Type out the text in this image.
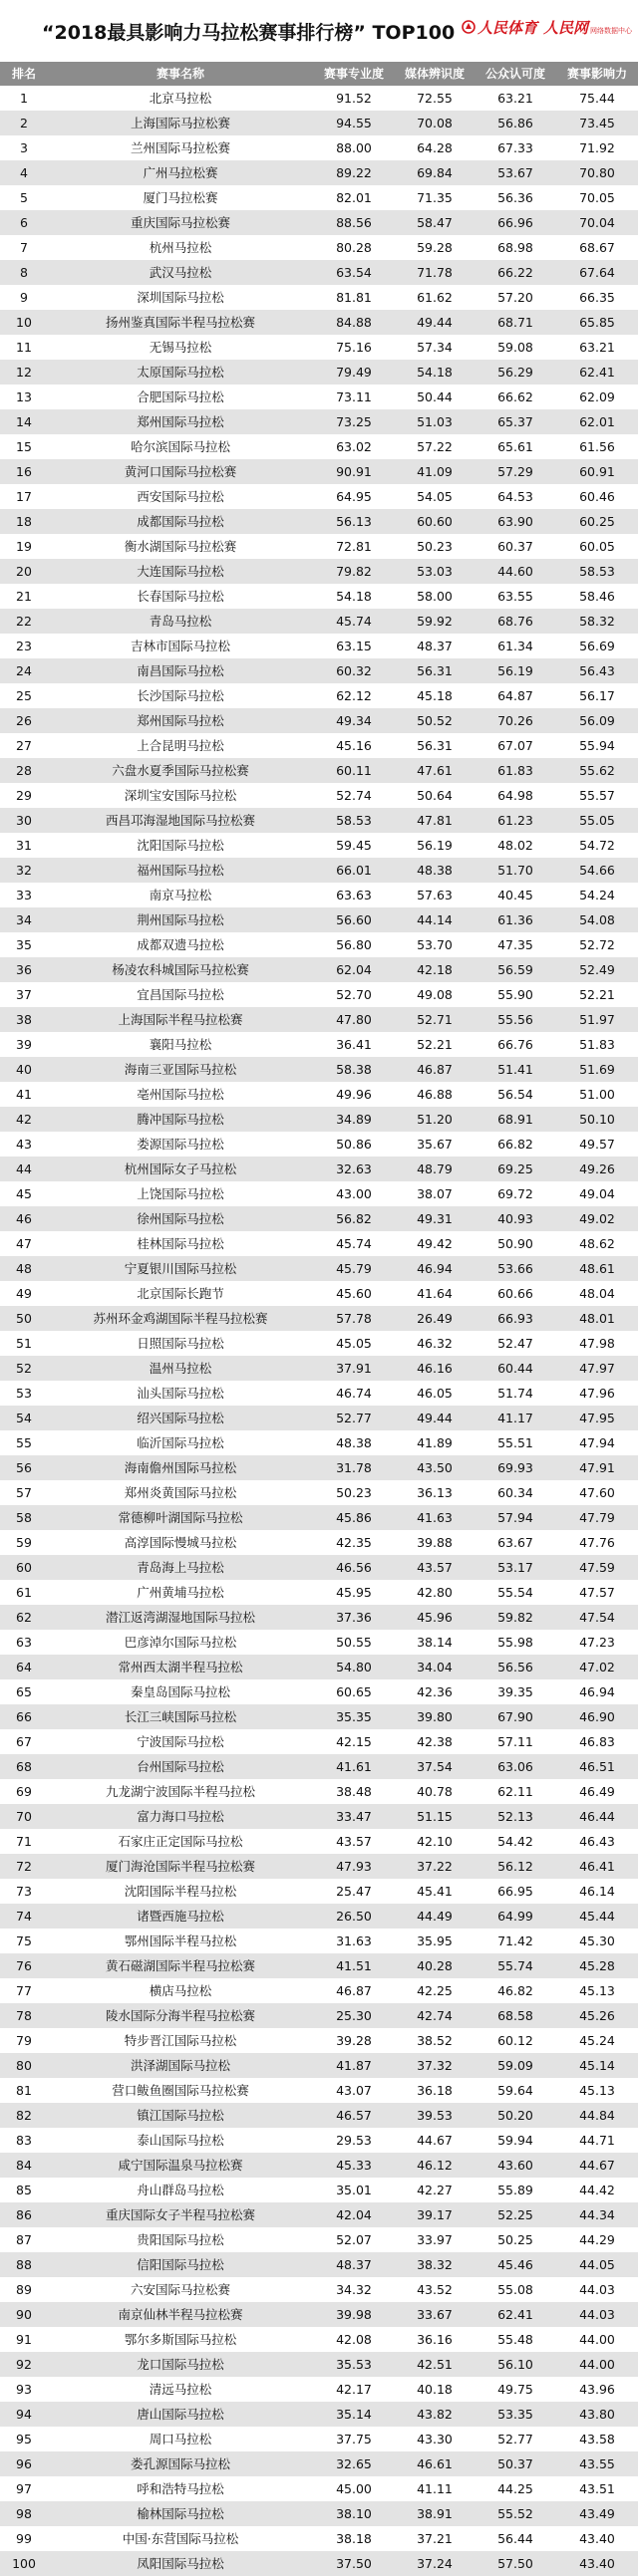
“2018最具影响力马拉松赛事排行榜” TOP100 人民体育 人民网 网络数据中心
排名	赛事名称	赛事专业度	媒体辨识度	公众认可度	赛事影响力
1	北京马拉松	91.52	72.55	63.21	75.44
2	上海国际马拉松赛	94.55	70.08	56.86	73.45
3	兰州国际马拉松赛	88.00	64.28	67.33	71.92
4	广州马拉松赛	89.22	69.84	53.67	70.80
5	厦门马拉松赛	82.01	71.35	56.36	70.05
6	重庆国际马拉松赛	88.56	58.47	66.96	70.04
7	杭州马拉松	80.28	59.28	68.98	68.67
8	武汉马拉松	63.54	71.78	66.22	67.64
9	深圳国际马拉松	81.81	61.62	57.20	66.35
10	扬州鉴真国际半程马拉松赛	84.88	49.44	68.71	65.85
11	无锡马拉松	75.16	57.34	59.08	63.21
12	太原国际马拉松	79.49	54.18	56.29	62.41
13	合肥国际马拉松	73.11	50.44	66.62	62.09
14	郑州国际马拉松	73.25	51.03	65.37	62.01
15	哈尔滨国际马拉松	63.02	57.22	65.61	61.56
16	黄河口国际马拉松赛	90.91	41.09	57.29	60.91
17	西安国际马拉松	64.95	54.05	64.53	60.46
18	成都国际马拉松	56.13	60.60	63.90	60.25
19	衡水湖国际马拉松赛	72.81	50.23	60.37	60.05
20	大连国际马拉松	79.82	53.03	44.60	58.53
21	长春国际马拉松	54.18	58.00	63.55	58.46
22	青岛马拉松	45.74	59.92	68.76	58.32
23	吉林市国际马拉松	63.15	48.37	61.34	56.69
24	南昌国际马拉松	60.32	56.31	56.19	56.43
25	长沙国际马拉松	62.12	45.18	64.87	56.17
26	郑州国际马拉松	49.34	50.52	70.26	56.09
27	上合昆明马拉松	45.16	56.31	67.07	55.94
28	六盘水夏季国际马拉松赛	60.11	47.61	61.83	55.62
29	深圳宝安国际马拉松	52.74	50.64	64.98	55.57
30	西昌邛海湿地国际马拉松赛	58.53	47.81	61.23	55.05
31	沈阳国际马拉松	59.45	56.19	48.02	54.72
32	福州国际马拉松	66.01	48.38	51.70	54.66
33	南京马拉松	63.63	57.63	40.45	54.24
34	荆州国际马拉松	56.60	44.14	61.36	54.08
35	成都双遗马拉松	56.80	53.70	47.35	52.72
36	杨凌农科城国际马拉松赛	62.04	42.18	56.59	52.49
37	宜昌国际马拉松	52.70	49.08	55.90	52.21
38	上海国际半程马拉松赛	47.80	52.71	55.56	51.97
39	襄阳马拉松	36.41	52.21	66.76	51.83
40	海南三亚国际马拉松	58.38	46.87	51.41	51.69
41	亳州国际马拉松	49.96	46.88	56.54	51.00
42	腾冲国际马拉松	34.89	51.20	68.91	50.10
43	娄源国际马拉松	50.86	35.67	66.82	49.57
44	杭州国际女子马拉松	32.63	48.79	69.25	49.26
45	上饶国际马拉松	43.00	38.07	69.72	49.04
46	徐州国际马拉松	56.82	49.31	40.93	49.02
47	桂林国际马拉松	45.74	49.42	50.90	48.62
48	宁夏银川国际马拉松	45.79	46.94	53.66	48.61
49	北京国际长跑节	45.60	41.64	60.66	48.04
50	苏州环金鸡湖国际半程马拉松赛	57.78	26.49	66.93	48.01
51	日照国际马拉松	45.05	46.32	52.47	47.98
52	温州马拉松	37.91	46.16	60.44	47.97
53	汕头国际马拉松	46.74	46.05	51.74	47.96
54	绍兴国际马拉松	52.77	49.44	41.17	47.95
55	临沂国际马拉松	48.38	41.89	55.51	47.94
56	海南儋州国际马拉松	31.78	43.50	69.93	47.91
57	郑州炎黄国际马拉松	50.23	36.13	60.34	47.60
58	常德柳叶湖国际马拉松	45.86	41.63	57.94	47.79
59	高淳国际慢城马拉松	42.35	39.88	63.67	47.76
60	青岛海上马拉松	46.56	43.57	53.17	47.59
61	广州黄埔马拉松	45.95	42.80	55.54	47.57
62	潜江返湾湖湿地国际马拉松	37.36	45.96	59.82	47.54
63	巴彦淖尔国际马拉松	50.55	38.14	55.98	47.23
64	常州西太湖半程马拉松	54.80	34.04	56.56	47.02
65	秦皇岛国际马拉松	60.65	42.36	39.35	46.94
66	长江三峡国际马拉松	35.35	39.80	67.90	46.90
67	宁波国际马拉松	42.15	42.38	57.11	46.83
68	台州国际马拉松	41.61	37.54	63.06	46.51
69	九龙湖宁波国际半程马拉松	38.48	40.78	62.11	46.49
70	富力海口马拉松	33.47	51.15	52.13	46.44
71	石家庄正定国际马拉松	43.57	42.10	54.42	46.43
72	厦门海沧国际半程马拉松赛	47.93	37.22	56.12	46.41
73	沈阳国际半程马拉松	25.47	45.41	66.95	46.14
74	诸暨西施马拉松	26.50	44.49	64.99	45.44
75	鄂州国际半程马拉松	31.63	35.95	71.42	45.30
76	黄石磁湖国际半程马拉松赛	41.51	40.28	55.74	45.28
77	横店马拉松	46.87	42.25	46.82	45.13
78	陵水国际分海半程马拉松赛	25.30	42.74	68.58	45.26
79	特步晋江国际马拉松	39.28	38.52	60.12	45.24
80	洪泽湖国际马拉松	41.87	37.32	59.09	45.14
81	营口鲅鱼圈国际马拉松赛	43.07	36.18	59.64	45.13
82	镇江国际马拉松	46.57	39.53	50.20	44.84
83	泰山国际马拉松	29.53	44.67	59.94	44.71
84	咸宁国际温泉马拉松赛	45.33	46.12	43.60	44.67
85	舟山群岛马拉松	35.01	42.27	55.89	44.42
86	重庆国际女子半程马拉松赛	42.04	39.17	52.25	44.34
87	贵阳国际马拉松	52.07	33.97	50.25	44.29
88	信阳国际马拉松	48.37	38.32	45.46	44.05
89	六安国际马拉松赛	34.32	43.52	55.08	44.03
90	南京仙林半程马拉松赛	39.98	33.67	62.41	44.03
91	鄂尔多斯国际马拉松	42.08	36.16	55.48	44.00
92	龙口国际马拉松	35.53	42.51	56.10	44.00
93	清远马拉松	42.17	40.18	49.75	43.96
94	唐山国际马拉松	35.14	43.82	53.35	43.80
95	周口马拉松	37.75	43.30	52.77	43.58
96	娄孔源国际马拉松	32.65	46.61	50.37	43.55
97	呼和浩特马拉松	45.00	41.11	44.25	43.51
98	榆林国际马拉松	38.10	38.91	55.52	43.49
99	中国·东营国际马拉松	38.18	37.21	56.44	43.40
100	凤阳国际马拉松	37.50	37.24	57.50	43.40
